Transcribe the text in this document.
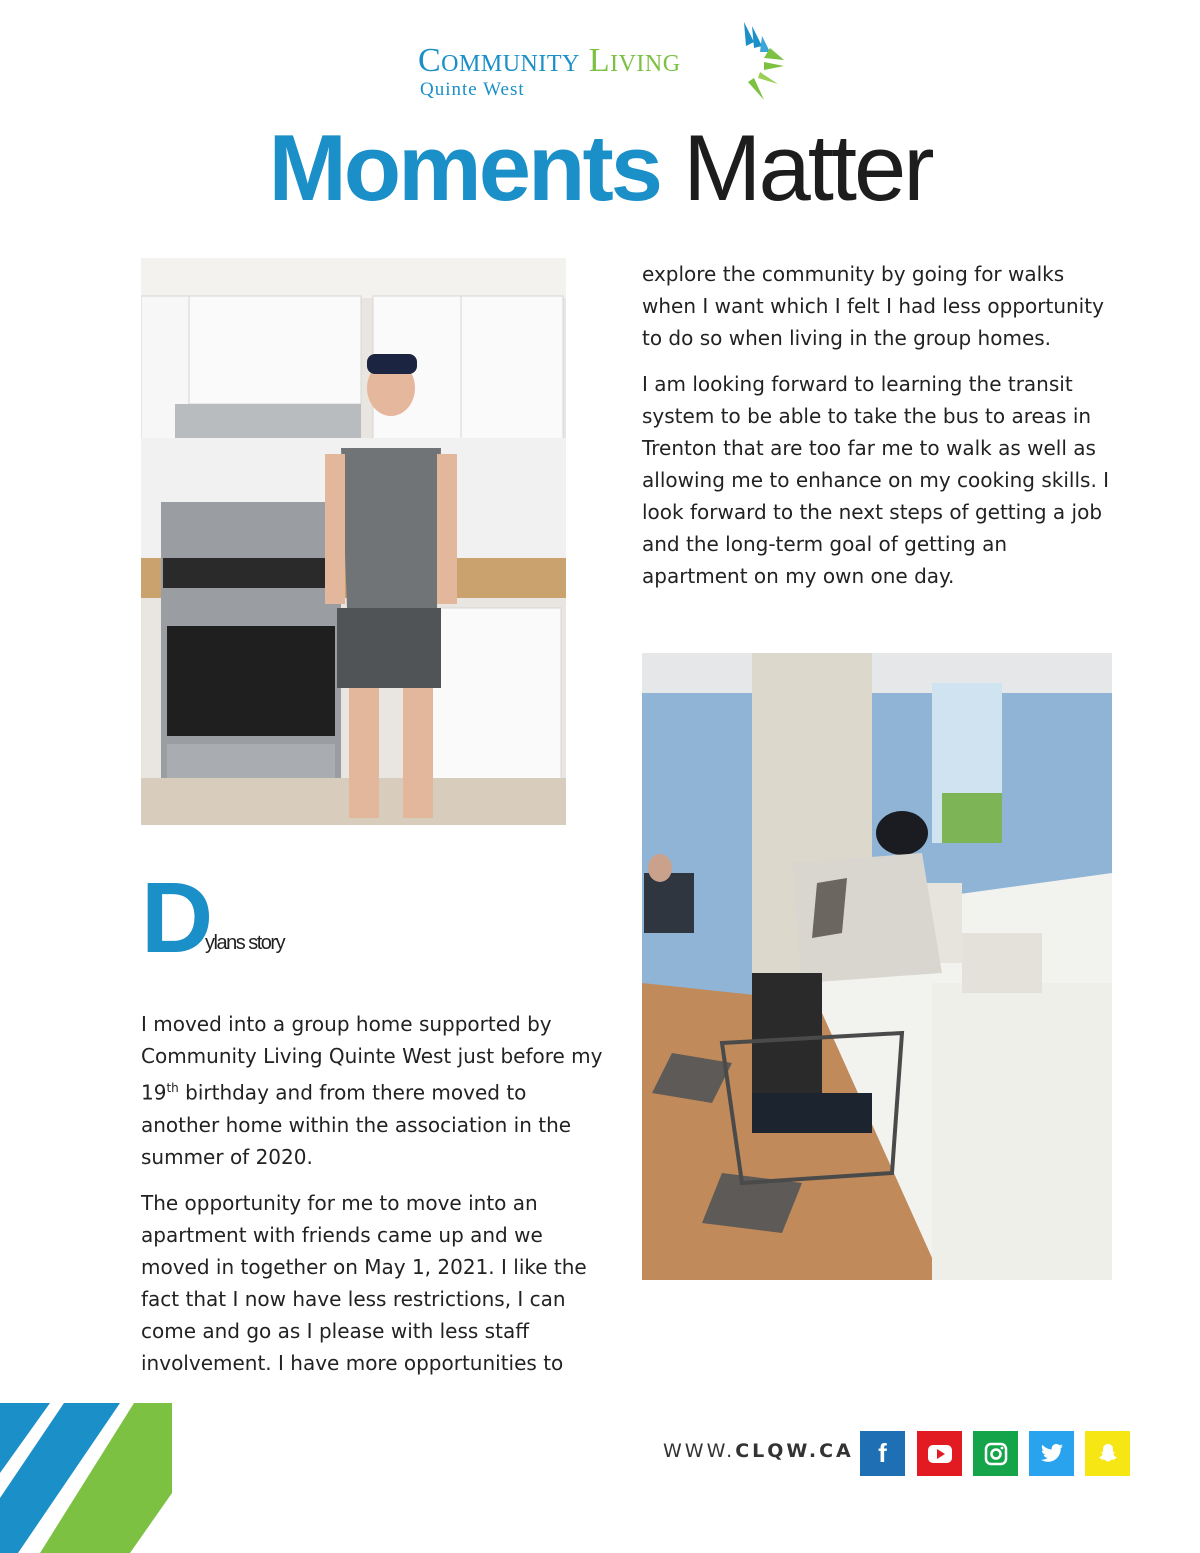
Community Living
Quinte West
Moments Matter

explore the community by going for walks when I want which I felt I had less opportunity to do so when living in the group homes.

I am looking forward to learning the transit system to be able to take the bus to areas in Trenton that are too far me to walk as well as allowing me to enhance on my cooking skills. I look forward to the next steps of getting a job and the long-term goal of getting an apartment on my own one day.

D
ylans story

I moved into a group home supported by Community Living Quinte West just before my 19th birthday and from there moved to another home within the association in the summer of 2020.

The opportunity for me to move into an apartment with friends came up and we moved in together on May 1, 2021. I like the fact that I now have less restrictions, I can come and go as I please with less staff involvement. I have more opportunities to

WWW.CLQW.CA f
